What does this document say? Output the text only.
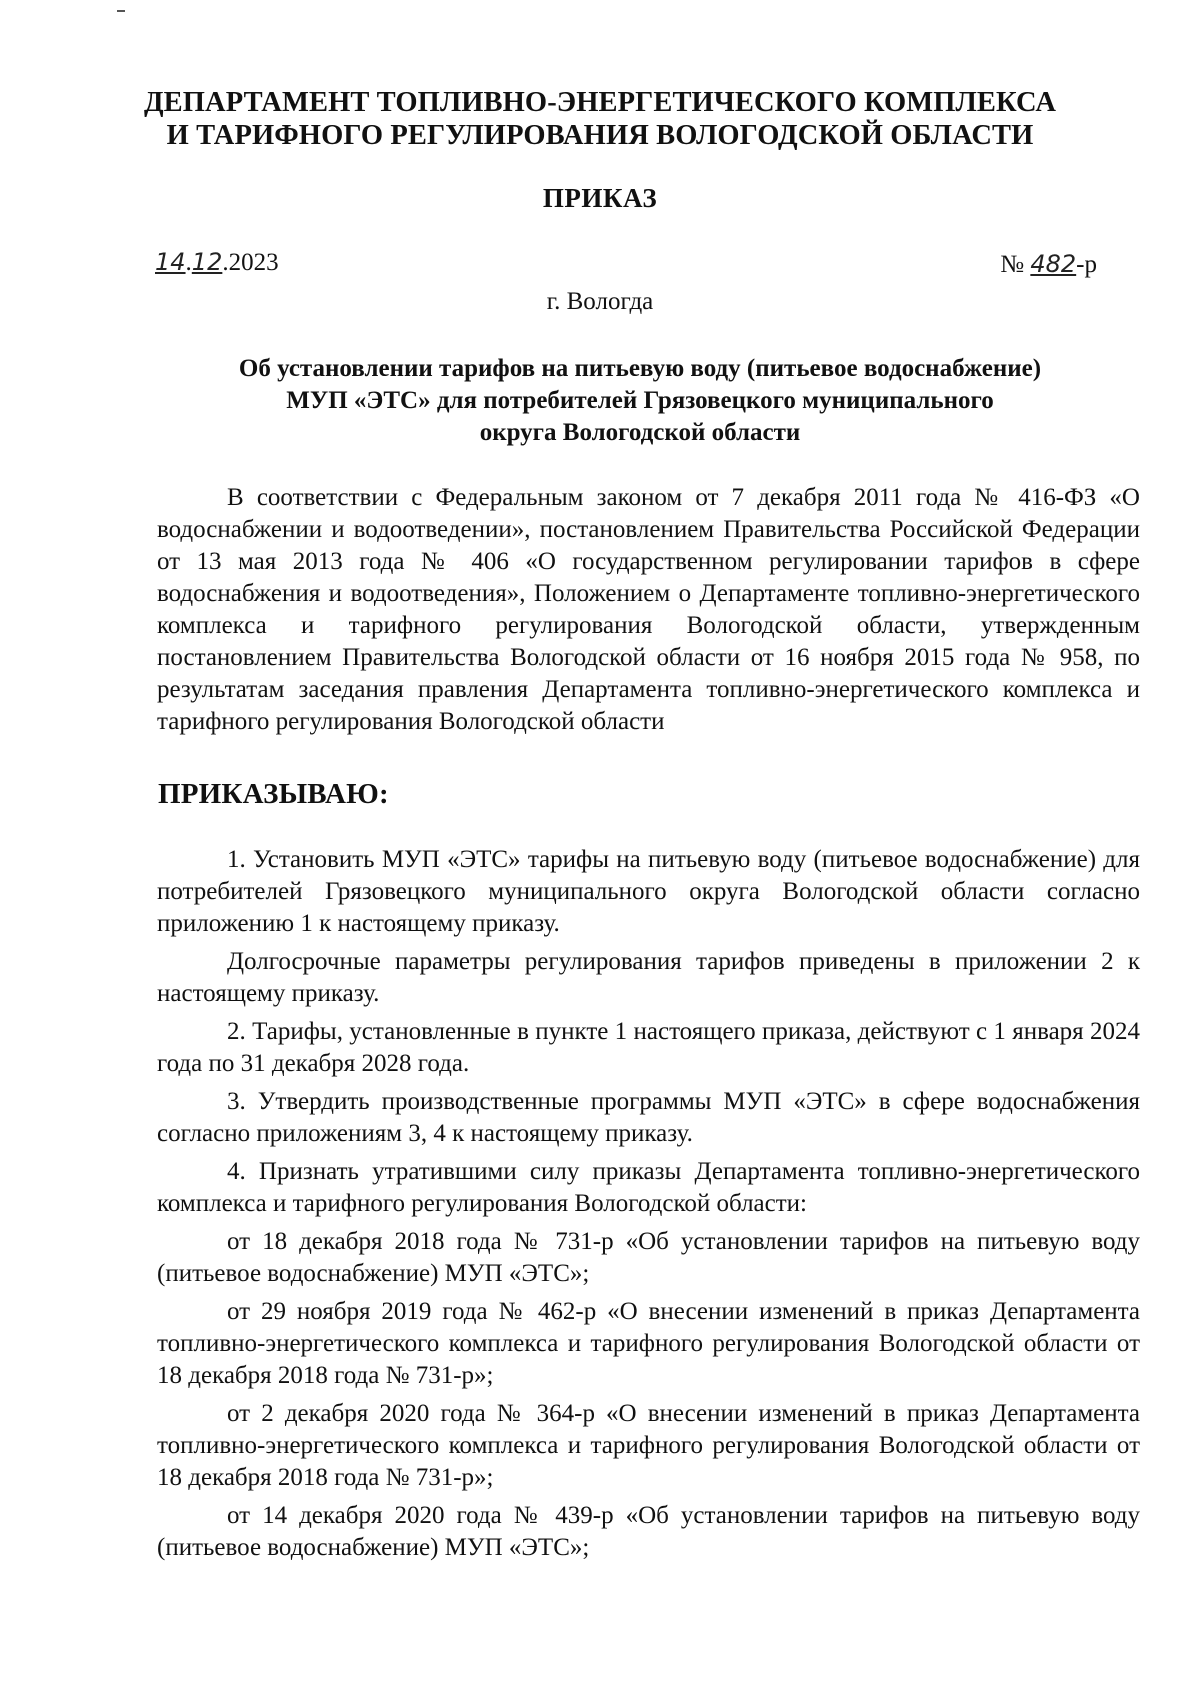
ДЕПАРТАМЕНТ ТОПЛИВНО-ЭНЕРГЕТИЧЕСКОГО КОМПЛЕКСА
И ТАРИФНОГО РЕГУЛИРОВАНИЯ ВОЛОГОДСКОЙ ОБЛАСТИ
ПРИКАЗ
14.12.2023	№ 482-р
г. Вологда
Об установлении тарифов на питьевую воду (питьевое водоснабжение)
МУП «ЭТС» для потребителей Грязовецкого муниципального
округа Вологодской области

В соответствии с Федеральным законом от 7 декабря 2011 года № 416-ФЗ «О водоснабжении и водоотведении», постановлением Правительства Российской Федерации от 13 мая 2013 года № 406 «О государственном регулировании тарифов в сфере водоснабжения и водоотведения», Положением о Департаменте топливно-энергетического комплекса и тарифного регулирования Вологодской области, утвержденным постановлением Правительства Вологодской области от 16 ноября 2015 года № 958, по результатам заседания правления Департамента топливно-энергетического комплекса и тарифного регулирования Вологодской области

ПРИКАЗЫВАЮ:

1. Установить МУП «ЭТС» тарифы на питьевую воду (питьевое водоснабжение) для потребителей Грязовецкого муниципального округа Вологодской области согласно приложению 1 к настоящему приказу.

Долгосрочные параметры регулирования тарифов приведены в приложении 2 к настоящему приказу.

2. Тарифы, установленные в пункте 1 настоящего приказа, действуют с 1 января 2024 года по 31 декабря 2028 года.

3. Утвердить производственные программы МУП «ЭТС» в сфере водоснабжения согласно приложениям 3, 4 к настоящему приказу.

4. Признать утратившими силу приказы Департамента топливно-энергетического комплекса и тарифного регулирования Вологодской области:

от 18 декабря 2018 года № 731-р «Об установлении тарифов на питьевую воду (питьевое водоснабжение) МУП «ЭТС»;

от 29 ноября 2019 года № 462-р «О внесении изменений в приказ Департамента топливно-энергетического комплекса и тарифного регулирования Вологодской области от 18 декабря 2018 года № 731-р»;

от 2 декабря 2020 года № 364-р «О внесении изменений в приказ Департамента топливно-энергетического комплекса и тарифного регулирования Вологодской области от 18 декабря 2018 года № 731-р»;

от 14 декабря 2020 года № 439-р «Об установлении тарифов на питьевую воду (питьевое водоснабжение) МУП «ЭТС»;
